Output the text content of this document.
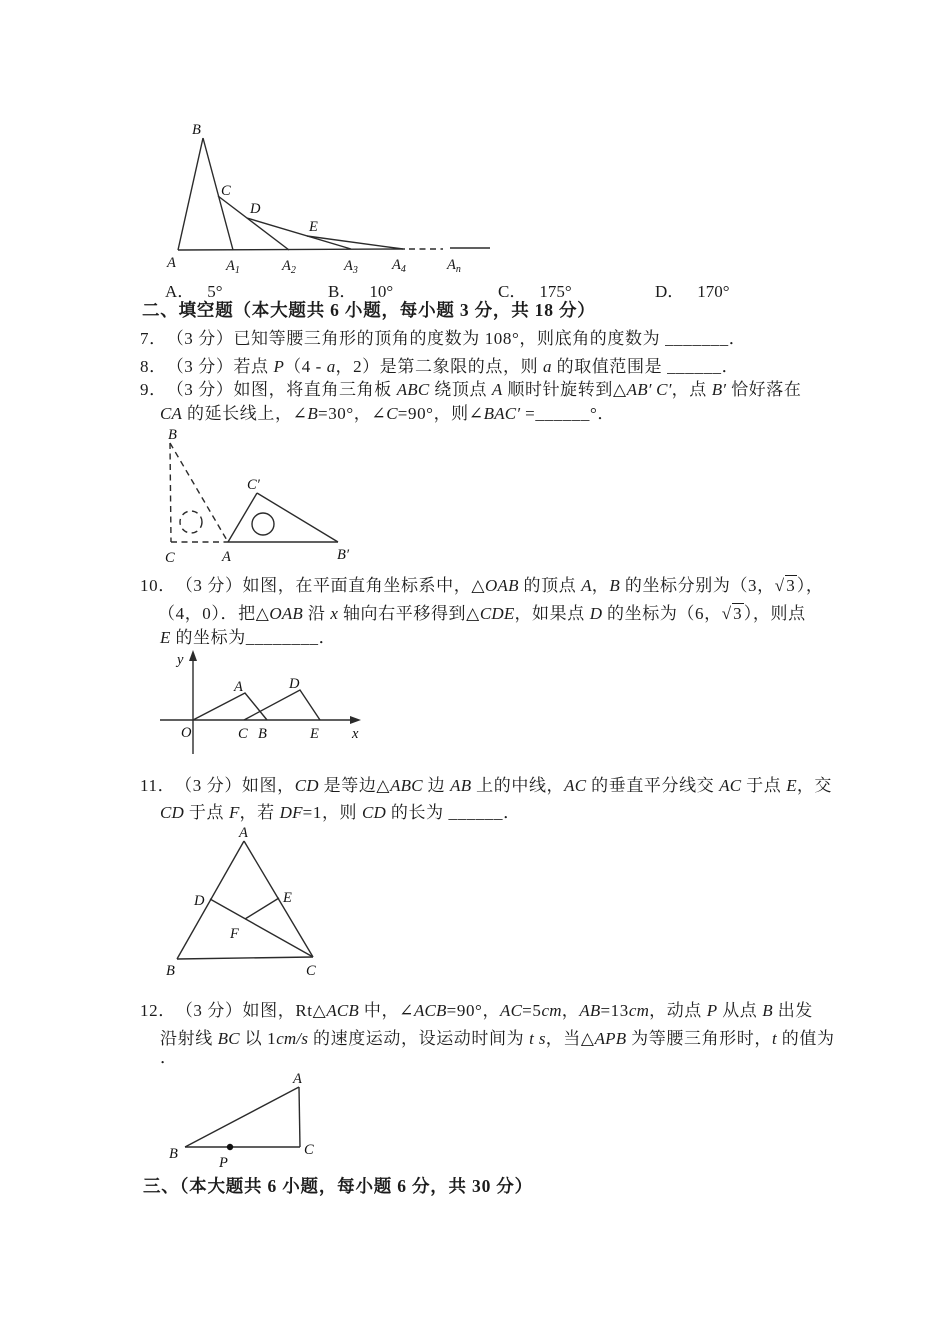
B
C
D
E
A	$A_1$	$A_2$	$A_3$ $A_4$	$A_n$
A． 5°	B． 10°	C． 175°	D． 170°
二、填空题（本大题共 6 小题，每小题 3 分，共 18 分）
7．（3 分）已知等腰三角形的顶角的度数为 108°，则底角的度数为 _______．
8．（3 分）若点 P（4 - a，2）是第二象限的点，则 a 的取值范围是 ______．
9．（3 分）如图，将直角三角板 ABC 绕顶点 A 顺时针旋转到△AB′ C′，点 B′ 恰好落在
CA 的延长线上，∠B=30°，∠C=90°，则∠BAC′ =______°．
B
C	A
C′
B′
10．（3 分）如图，在平面直角坐标系中，△OAB 的顶点 A，B 的坐标分别为（3，√3），
（4，0）．把△OAB 沿 x 轴向右平移得到△CDE，如果点 D 的坐标为（6，√3），则点
E 的坐标为________．
y
x
O
A	D
C B	E
11．（3 分）如图，CD 是等边△ABC 边 AB 上的中线，AC 的垂直平分线交 AC 于点 E，交
CD 于点 F，若 DF=1，则 CD 的长为 ______．
A
B	C
D	E
F
12．（3 分）如图，Rt△ACB 中，∠ACB=90°，AC=5cm，AB=13cm，动点 P 从点 B 出发
沿射线 BC 以 1cm/s 的速度运动，设运动时间为 t s，当△APB 为等腰三角形时，t 的值为
．
A
B	C
P
三、（本大题共 6 小题，每小题 6 分，共 30 分）
